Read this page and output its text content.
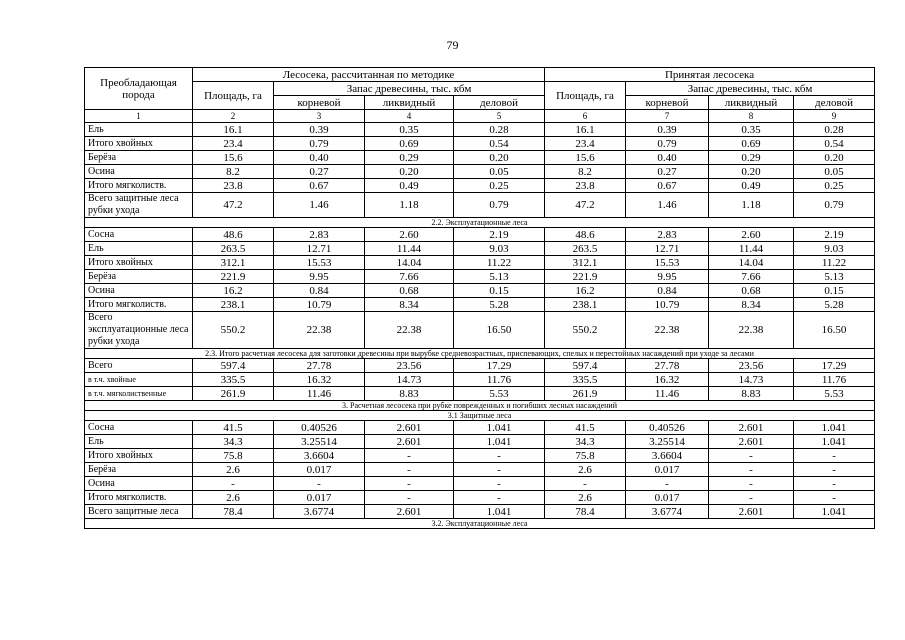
79
Преобладающая порода	Лесосека, рассчитанная по методике				Принятая лесосека			
	Площадь, га	Запас древесины, тыс. кбм			Площадь, га	Запас древесины, тыс. кбм		
		корневой	ликвидный	деловой		корневой	ликвидный	деловой
1	2	3	4	5	6	7	8	9
Ель	16.1	0.39	0.35	0.28	16.1	0.39	0.35	0.28
Итого хвойных	23.4	0.79	0.69	0.54	23.4	0.79	0.69	0.54
Берёза	15.6	0.40	0.29	0.20	15.6	0.40	0.29	0.20
Осина	8.2	0.27	0.20	0.05	8.2	0.27	0.20	0.05
Итого мягколиств.	23.8	0.67	0.49	0.25	23.8	0.67	0.49	0.25
Всего защитные леса рубки ухода	47.2	1.46	1.18	0.79	47.2	1.46	1.18	0.79
2.2. Эксплуатационные леса								
Сосна	48.6	2.83	2.60	2.19	48.6	2.83	2.60	2.19
Ель	263.5	12.71	11.44	9.03	263.5	12.71	11.44	9.03
Итого хвойных	312.1	15.53	14.04	11.22	312.1	15.53	14.04	11.22
Берёза	221.9	9.95	7.66	5.13	221.9	9.95	7.66	5.13
Осина	16.2	0.84	0.68	0.15	16.2	0.84	0.68	0.15
Итого мягколиств.	238.1	10.79	8.34	5.28	238.1	10.79	8.34	5.28
Всего эксплуатационные леса рубки ухода	550.2	22.38	22.38	16.50	550.2	22.38	22.38	16.50
2.3. Итого расчетная лесосека для заготовки древесины при вырубке средневозрастных, приспевающих, спелых и перестойных насаждений при уходе за лесами								
Всего	597.4	27.78	23.56	17.29	597.4	27.78	23.56	17.29
в т.ч. хвойные	335.5	16.32	14.73	11.76	335.5	16.32	14.73	11.76
в т.ч. мягколиственные	261.9	11.46	8.83	5.53	261.9	11.46	8.83	5.53
3. Расчетная лесосека при рубке поврежденных и погибших лесных насаждений								
3.1 Защитные леса								
Сосна	41.5	0.40526	2.601	1.041	41.5	0.40526	2.601	1.041
Ель	34.3	3.25514	2.601	1.041	34.3	3.25514	2.601	1.041
Итого хвойных	75.8	3.6604	-	-	75.8	3.6604	-	-
Берёза	2.6	0.017	-	-	2.6	0.017	-	-
Осина	-	-	-	-	-	-	-	-
Итого мягколиств.	2.6	0.017	-	-	2.6	0.017	-	-
Всего защитные леса	78.4	3.6774	2.601	1.041	78.4	3.6774	2.601	1.041
3.2. Эксплуатационные леса								
